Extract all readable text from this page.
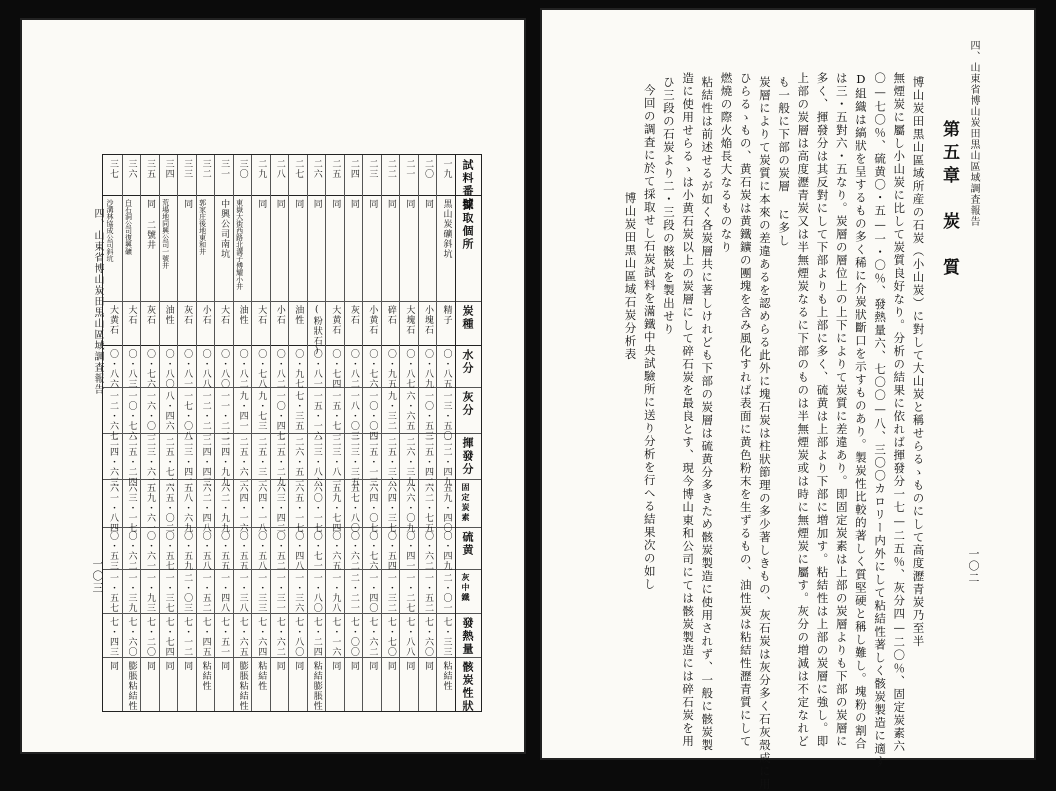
四、山東省博山炭田黒山區域調査報告
一〇三
試料番號
採取個所
炭種
水分
灰分
揮發分
固定炭素
硫黄
灰中鐵
發熱量
骸炭性狀
一九
黒山炭礦斜坑
精子
〇・八五
一三・五〇
二二・四九
五九・四〇
〇・四九
二・〇一
七・三三
粘結性
二〇
同
小塊石
〇・八九
一〇・五三
二五・四二
六二・七五
〇・六二
一・五二
七・六〇
同
二一
同
大塊石
〇・八七
六・六五
二六・三九
六六・〇九
〇・四一
一・二七
七・八八
同
二二
同
碎石
〇・九五
九・三二
二五・三六
六四・三七
〇・五四
一・三二
七・七〇
同
二三
同
小黄石
〇・七六
一〇・〇四
二五・一三
六四・〇七
〇・七六
一・四〇
七・六二
同
二四
同
灰石
〇・八二
一八・〇三
二三・三五
五七・八〇
〇・六二
二・二一
七・〇〇
同
二五
同
大黄石
〇・七四
一五・七一
二三・八一
五九・七四
〇・六五
一・九八
七・一六
同
二六
同
(粉狀石)
〇・八一
一五・一六
二三・八六
六〇・一七
〇・七一
一・八〇
七・二四
粘結膨脹性
二七
同
油性
〇・九七
七・三五
二六・五一
六五・一七
〇・四八
一・三六
七・八〇
同
二八
同
小石
〇・八二
一〇・四七
二五・二九
六三・四二
〇・五二
一・三一
七・六二
同
二九
同
大石
〇・七八
九・七三
二五・三一
六四・一八
〇・五八
一・三三
七・六四
粘結性
三〇
東嶽大街西路北溝子傅耀小井
油性
〇・八二
九・四一
二五・六一
六四・一六
〇・五五
一・三八
七・六五
膨脹粘結性
三一
中興公司南坑
大石
〇・八〇
一一・二二
二四・九九
六二・九九
〇・五五
一・四八
七・五一
同
三二
郭家庄後地東和井
小石
〇・八八
一二・二一
二四・四三
六二・四八
〇・五八
一・五二
七・四五
粘結性
三三
同
灰石
〇・八一
一七・〇八
二三・四二
五八・六九
〇・五九
二・〇三
七・一二
同
三四
荒場地同興公司一號井
油性
〇・八〇
八・四六
二五・七二
六五・〇二
〇・五七
一・三七
七・七四
同
三五
同 二號井
灰石
〇・七六
一六・〇一
二三・六二
五九・六一
〇・六一
一・九三
七・二〇
同
三六
白石洞公司復興礦
大石
〇・八三
一〇・七六
二五・二四
六三・一七
〇・六二
一・三九
七・六〇
膨脹粘結性
三七
沙溝林協成公司斜坑
大黄石
〇・八六
一二・六七
二四・六三
六一・八四
〇・五三
一・五七
七・四三
同
四、山東省博山炭田黒山區域調査報告
一〇二
第五章　炭　質
博山炭田黒山區域所産の石炭（小山炭）に對して大山炭と稱せらるゝものにして高度瀝青炭乃至半
無煙炭に屬し小山炭に比して炭質良好なり。分析の結果に依れば揮發分一七—二五％、灰分四—二〇％、固定炭素六
〇—七〇％、硫黄〇・五—一・〇％、發熱量六、七〇〇—八、三〇〇カロリー内外にして粘結性著しく骸炭製造に適す
D組織は縞狀を呈するもの多く稀に介炭狀斷口を示すものあり。製炭性比較的著しく質堅硬と稱し難し。塊粉の割合
は三・五對六・五なり。炭層の層位上の上下によりて炭質に差違あり。即固定炭素は上部の炭層よりも下部の炭層に
多く、揮發分は其反對にして下部よりも上部に多く、硫黄は上部より下部に増加す。粘結性は上部の炭層に強し。即
上部の炭層は高度瀝青炭又は半無煙炭なるに下部のものは半無煙炭或は時に無煙炭に屬す。灰分の増減は不定なれど
も一般に下部の炭層 に多し
炭層によりて炭質に本來の差違あるを認めらる此外に塊石炭は柱狀節理の多少著しきもの、灰石炭は灰分多く石灰殼成に用
ひらるゝもの、黄石炭は黄鐵鑛の團塊を含み風化すれば表面に黄色粉末を生ずるもの、油性炭は粘結性瀝青質にして
燃燒の際火焔長大なるものなり
粘結性は前述せるが如く各炭層共に著しけれども下部の炭層は硫黄分多きため骸炭製造に使用されず、一般に骸炭製
造に使用せらるゝは小黄石炭以上の炭層にして碎石炭を最良とす、現今博山東和公司にては骸炭製造には碎石炭を用
ひ三段の石炭より二・三段の骸炭を製出せり
今回の調査に於て採取せし石炭試料を滿鐵中央試驗所に送り分析を行へる結果次の如し
博山炭田黒山區域石炭分析表
